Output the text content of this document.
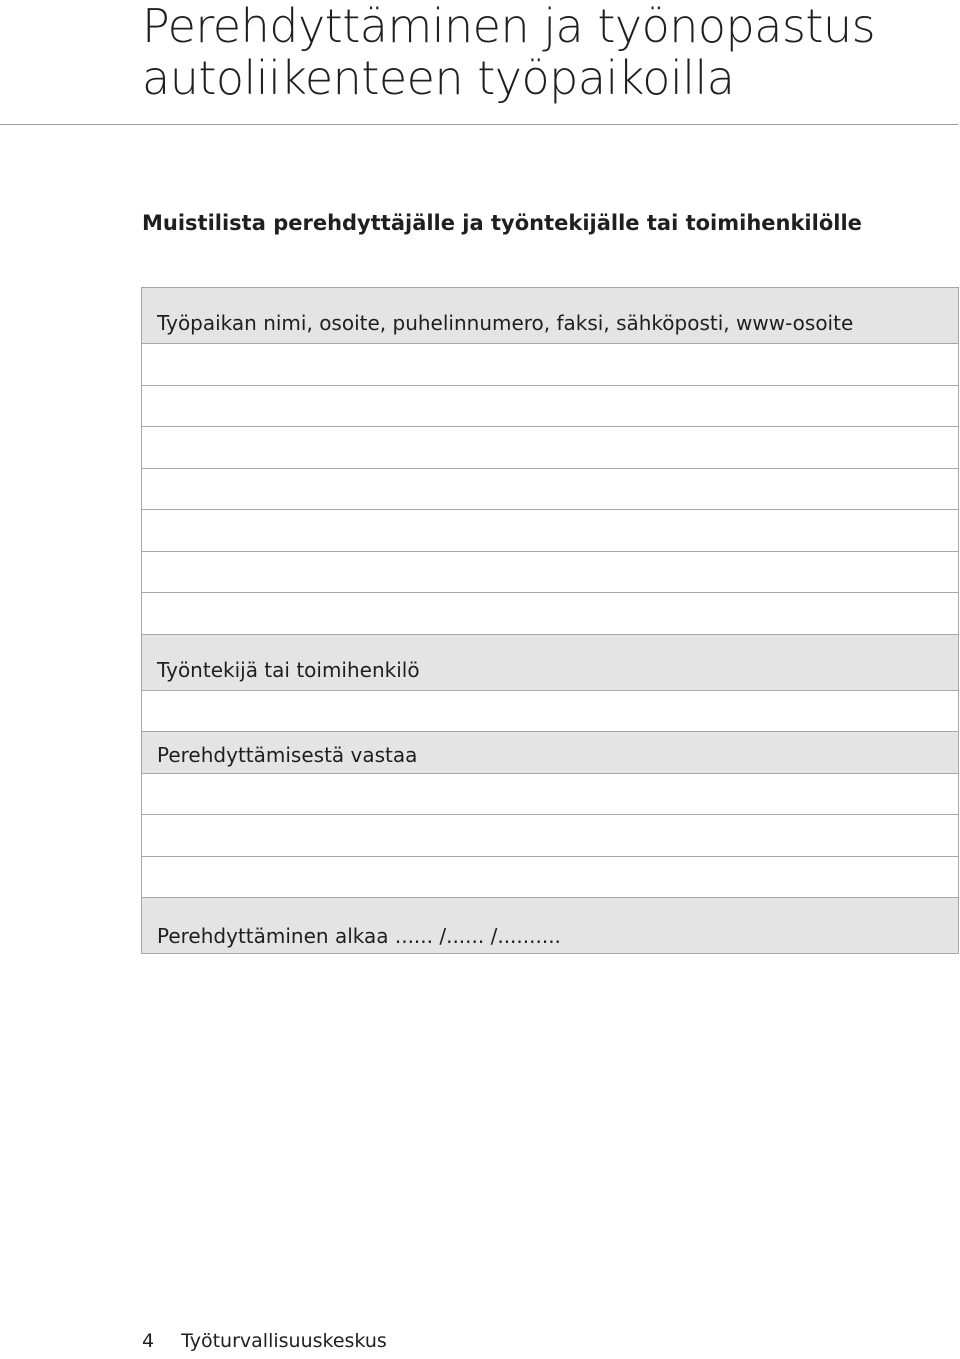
Perehdyttäminen ja työnopastus
autoliikenteen työpaikoilla
Muistilista perehdyttäjälle ja työntekijälle tai toimihenkilölle
Työpaikan nimi, osoite, puhelinnumero, faksi, sähköposti, www-osoite
Työntekijä tai toimihenkilö
Perehdyttämisestä vastaa
Perehdyttäminen alkaa ...... /...... /..........
4 Työturvallisuuskeskus
